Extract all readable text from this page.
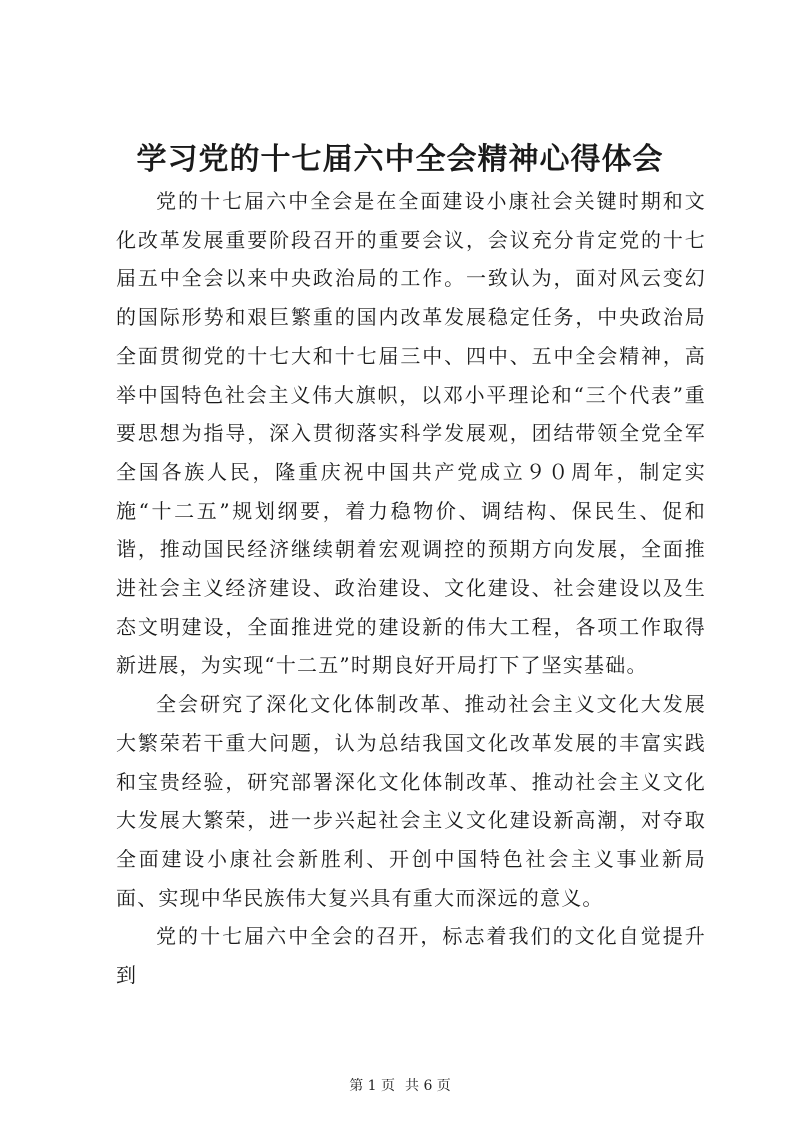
学习党的十七届六中全会精神心得体会

党的十七届六中全会是在全面建设小康社会关键时期和文化改革发展重要阶段召开的重要会议，会议充分肯定党的十七届五中全会以来中央政治局的工作。一致认为，面对风云变幻的国际形势和艰巨繁重的国内改革发展稳定任务，中央政治局全面贯彻党的十七大和十七届三中、四中、五中全会精神，高举中国特色社会主义伟大旗帜，以邓小平理论和“三个代表”重要思想为指导，深入贯彻落实科学发展观，团结带领全党全军全国各族人民，隆重庆祝中国共产党成立９０周年，制定实施“十二五”规划纲要，着力稳物价、调结构、保民生、促和谐，推动国民经济继续朝着宏观调控的预期方向发展，全面推进社会主义经济建设、政治建设、文化建设、社会建设以及生态文明建设，全面推进党的建设新的伟大工程，各项工作取得新进展，为实现“十二五”时期良好开局打下了坚实基础。

全会研究了深化文化体制改革、推动社会主义文化大发展大繁荣若干重大问题，认为总结我国文化改革发展的丰富实践和宝贵经验，研究部署深化文化体制改革、推动社会主义文化大发展大繁荣，进一步兴起社会主义文化建设新高潮，对夺取全面建设小康社会新胜利、开创中国特色社会主义事业新局面、实现中华民族伟大复兴具有重大而深远的意义。

党的十七届六中全会的召开，标志着我们的文化自觉提升到

第 1 页 共 6 页
